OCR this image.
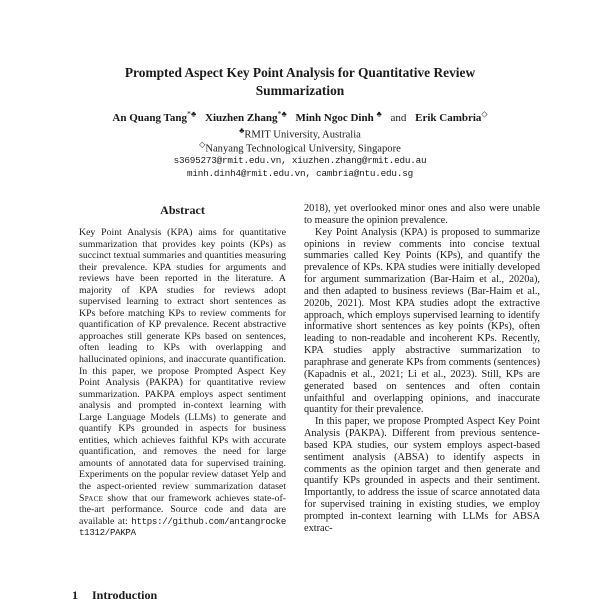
Prompted Aspect Key Point Analysis for Quantitative Review Summarization
An Quang Tang*♣ Xiuzhen Zhang*♣ Minh Ngoc Dinh ♣ and Erik Cambria◇
♣RMIT University, Australia
◇Nanyang Technological University, Singapore
s3695273@rmit.edu.vn, xiuzhen.zhang@rmit.edu.au
minh.dinh4@rmit.edu.vn, cambria@ntu.edu.sg
Abstract

Key Point Analysis (KPA) aims for quantitative summarization that provides key points (KPs) as succinct textual summaries and quantities measuring their prevalence. KPA studies for arguments and reviews have been reported in the literature. A majority of KPA studies for reviews adopt supervised learning to extract short sentences as KPs before matching KPs to review comments for quantification of KP prevalence. Recent abstractive approaches still generate KPs based on sentences, often leading to KPs with overlapping and hallucinated opinions, and inaccurate quantification. In this paper, we propose Prompted Aspect Key Point Analysis (PAKPA) for quantitative review summarization. PAKPA employs aspect sentiment analysis and prompted in-context learning with Large Language Models (LLMs) to generate and quantify KPs grounded in aspects for business entities, which achieves faithful KPs with accurate quantification, and removes the need for large amounts of annotated data for supervised training. Experiments on the popular review dataset Yelp and the aspect-oriented review summarization dataset Space show that our framework achieves state-of-the-art performance. Source code and data are available at: https://github.com/antangrocket1312/PAKPA

2018), yet overlooked minor ones and also were unable to measure the opinion prevalence.

Key Point Analysis (KPA) is proposed to summarize opinions in review comments into concise textual summaries called Key Points (KPs), and quantify the prevalence of KPs. KPA studies were initially developed for argument summarization (Bar-Haim et al., 2020a), and then adapted to business reviews (Bar-Haim et al., 2020b, 2021). Most KPA studies adopt the extractive approach, which employs supervised learning to identify informative short sentences as key points (KPs), often leading to non-readable and incoherent KPs. Recently, KPA studies apply abstractive summarization to paraphrase and generate KPs from comments (sentences) (Kapadnis et al., 2021; Li et al., 2023). Still, KPs are generated based on sentences and often contain unfaithful and overlapping opinions, and inaccurate quantity for their prevalence.

In this paper, we propose Prompted Aspect Key Point Analysis (PAKPA). Different from previous sentence-based KPA studies, our system employs aspect-based sentiment analysis (ABSA) to identify aspects in comments as the opinion target and then generate and quantify KPs grounded in aspects and their sentiment. Importantly, to address the issue of scarce annotated data for supervised training in existing studies, we employ prompted in-context learning with LLMs for ABSA extrac-

1 Introduction
